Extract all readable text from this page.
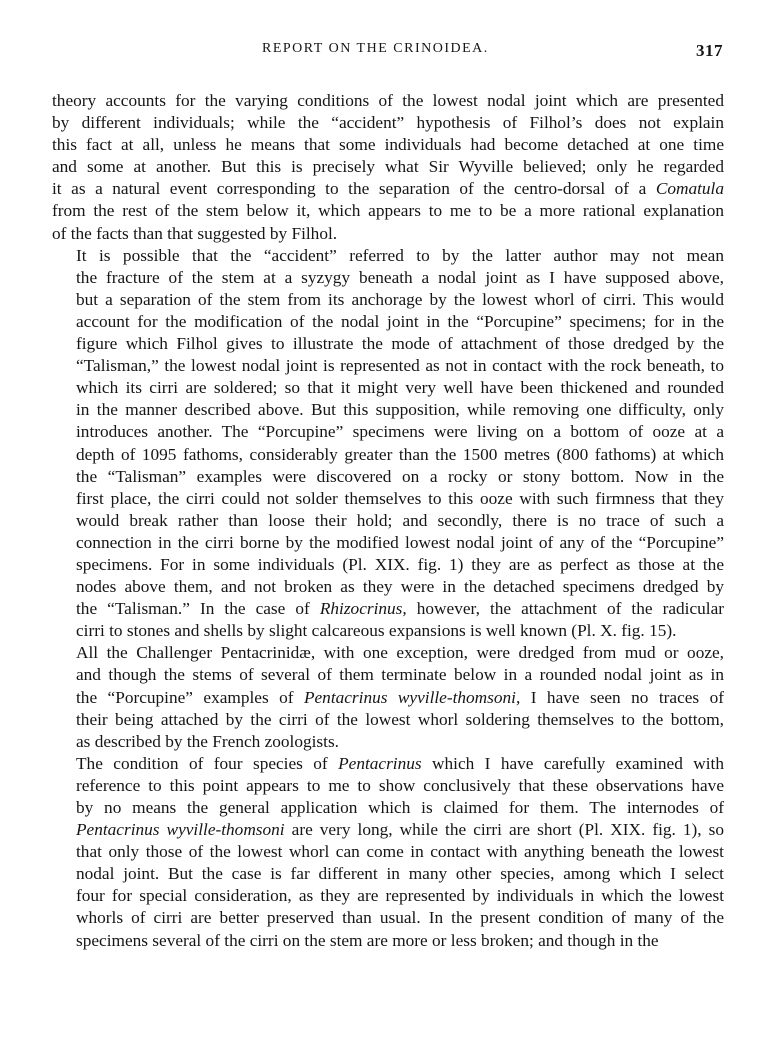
REPORT ON THE CRINOIDEA.	317
theory accounts for the varying conditions of the lowest nodal joint which are presented
by different individuals; while the “accident” hypothesis of Filhol’s does not explain
this fact at all, unless he means that some individuals had become detached at one time
and some at another. But this is precisely what Sir Wyville believed; only he regarded
it as a natural event corresponding to the separation of the centro-dorsal of a Comatula
from the rest of the stem below it, which appears to me to be a more rational explanation
of the facts than that suggested by Filhol.
It is possible that the “accident” referred to by the latter author may not mean
the fracture of the stem at a syzygy beneath a nodal joint as I have supposed above,
but a separation of the stem from its anchorage by the lowest whorl of cirri. This would
account for the modification of the nodal joint in the “Porcupine” specimens; for in the
figure which Filhol gives to illustrate the mode of attachment of those dredged by the
“Talisman,” the lowest nodal joint is represented as not in contact with the rock beneath, to
which its cirri are soldered; so that it might very well have been thickened and rounded
in the manner described above. But this supposition, while removing one difficulty, only
introduces another. The “Porcupine” specimens were living on a bottom of ooze at a
depth of 1095 fathoms, considerably greater than the 1500 metres (800 fathoms) at which
the “Talisman” examples were discovered on a rocky or stony bottom. Now in the
first place, the cirri could not solder themselves to this ooze with such firmness that they
would break rather than loose their hold; and secondly, there is no trace of such a
connection in the cirri borne by the modified lowest nodal joint of any of the “Porcupine”
specimens. For in some individuals (Pl. XIX. fig. 1) they are as perfect as those at the
nodes above them, and not broken as they were in the detached specimens dredged by
the “Talisman.” In the case of Rhizocrinus, however, the attachment of the radicular
cirri to stones and shells by slight calcareous expansions is well known (Pl. X. fig. 15).
All the Challenger Pentacrinidæ, with one exception, were dredged from mud or ooze,
and though the stems of several of them terminate below in a rounded nodal joint as in
the “Porcupine” examples of Pentacrinus wyville-thomsoni, I have seen no traces of
their being attached by the cirri of the lowest whorl soldering themselves to the bottom,
as described by the French zoologists.
The condition of four species of Pentacrinus which I have carefully examined with
reference to this point appears to me to show conclusively that these observations have
by no means the general application which is claimed for them. The internodes of
Pentacrinus wyville-thomsoni are very long, while the cirri are short (Pl. XIX. fig. 1), so
that only those of the lowest whorl can come in contact with anything beneath the lowest
nodal joint. But the case is far different in many other species, among which I select
four for special consideration, as they are represented by individuals in which the lowest
whorls of cirri are better preserved than usual. In the present condition of many of the
specimens several of the cirri on the stem are more or less broken; and though in the
